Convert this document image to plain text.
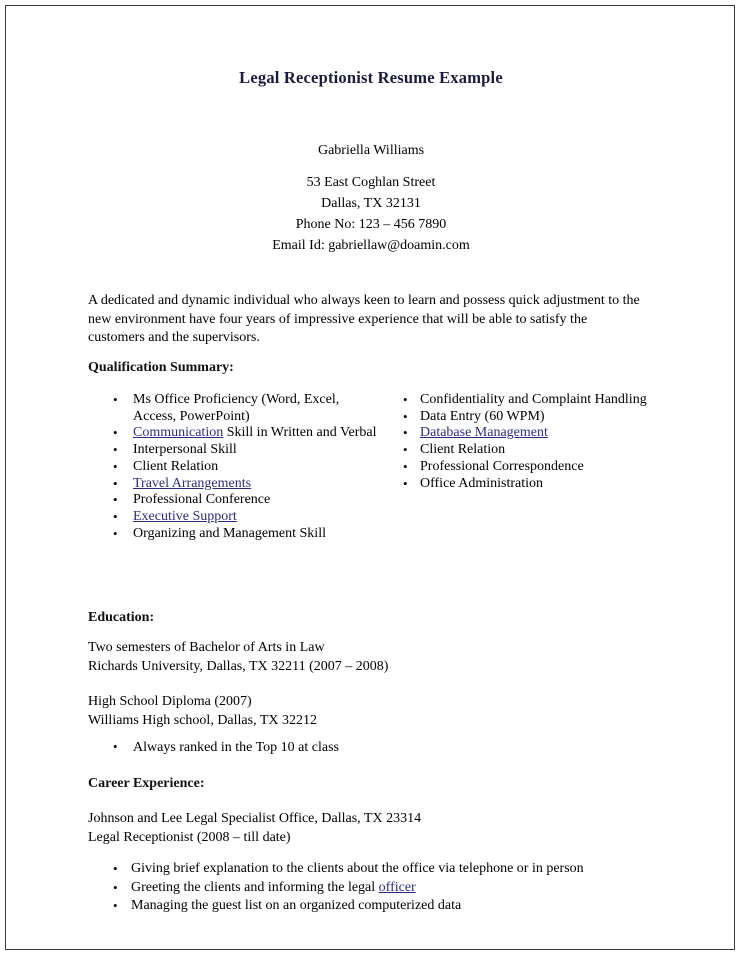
Legal Receptionist Resume Example
Gabriella Williams
53 East Coghlan Street
Dallas, TX 32131
Phone No: 123 – 456 7890
Email Id: gabriellaw@doamin.com
A dedicated and dynamic individual who always keen to learn and possess quick adjustment to the new environment have four years of impressive experience that will be able to satisfy the customers and the supervisors.
Qualification Summary:
• Ms Office Proficiency (Word, Excel, Access, PowerPoint)
• Communication Skill in Written and Verbal
• Interpersonal Skill
• Client Relation
• Travel Arrangements
• Professional Conference
• Executive Support
• Organizing and Management Skill
• Confidentiality and Complaint Handling
• Data Entry (60 WPM)
• Database Management
• Client Relation
• Professional Correspondence
• Office Administration
Education:
Two semesters of Bachelor of Arts in Law
Richards University, Dallas, TX 32211 (2007 – 2008)
High School Diploma (2007)
Williams High school, Dallas, TX 32212
• Always ranked in the Top 10 at class
Career Experience:
Johnson and Lee Legal Specialist Office, Dallas, TX 23314
Legal Receptionist (2008 – till date)
• Giving brief explanation to the clients about the office via telephone or in person
• Greeting the clients and informing the legal officer
• Managing the guest list on an organized computerized data
